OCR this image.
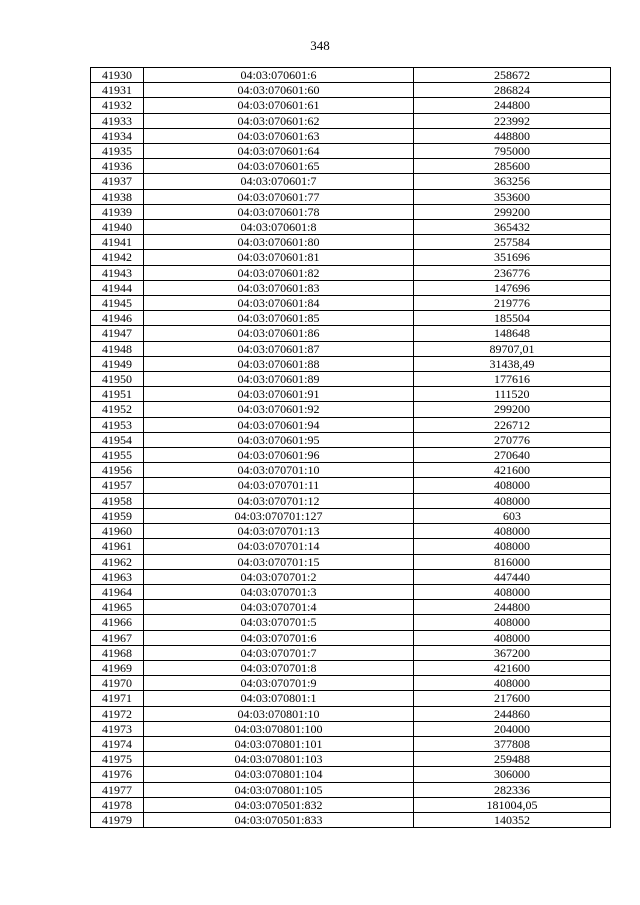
348
41930	04:03:070601:6	258672
41931	04:03:070601:60	286824
41932	04:03:070601:61	244800
41933	04:03:070601:62	223992
41934	04:03:070601:63	448800
41935	04:03:070601:64	795000
41936	04:03:070601:65	285600
41937	04:03:070601:7	363256
41938	04:03:070601:77	353600
41939	04:03:070601:78	299200
41940	04:03:070601:8	365432
41941	04:03:070601:80	257584
41942	04:03:070601:81	351696
41943	04:03:070601:82	236776
41944	04:03:070601:83	147696
41945	04:03:070601:84	219776
41946	04:03:070601:85	185504
41947	04:03:070601:86	148648
41948	04:03:070601:87	89707,01
41949	04:03:070601:88	31438,49
41950	04:03:070601:89	177616
41951	04:03:070601:91	111520
41952	04:03:070601:92	299200
41953	04:03:070601:94	226712
41954	04:03:070601:95	270776
41955	04:03:070601:96	270640
41956	04:03:070701:10	421600
41957	04:03:070701:11	408000
41958	04:03:070701:12	408000
41959	04:03:070701:127	603
41960	04:03:070701:13	408000
41961	04:03:070701:14	408000
41962	04:03:070701:15	816000
41963	04:03:070701:2	447440
41964	04:03:070701:3	408000
41965	04:03:070701:4	244800
41966	04:03:070701:5	408000
41967	04:03:070701:6	408000
41968	04:03:070701:7	367200
41969	04:03:070701:8	421600
41970	04:03:070701:9	408000
41971	04:03:070801:1	217600
41972	04:03:070801:10	244860
41973	04:03:070801:100	204000
41974	04:03:070801:101	377808
41975	04:03:070801:103	259488
41976	04:03:070801:104	306000
41977	04:03:070801:105	282336
41978	04:03:070501:832	181004,05
41979	04:03:070501:833	140352
